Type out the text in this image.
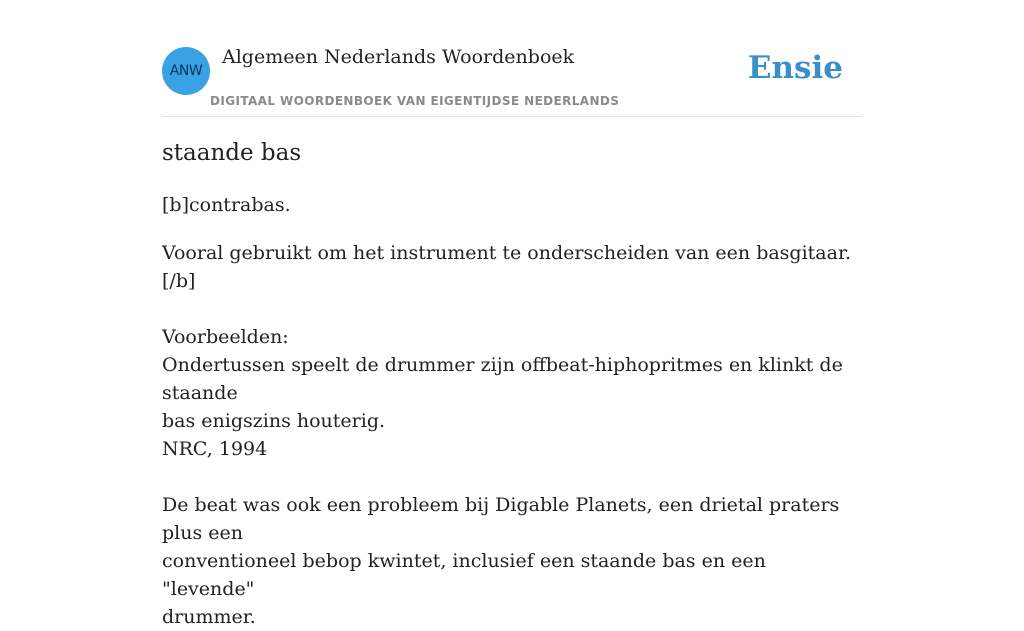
ANW
Algemeen Nederlands Woordenboek
DIGITAAL WOORDENBOEK VAN EIGENTIJDSE NEDERLANDS
Ensie
staande bas

[b]contrabas.

Vooral gebruikt om het instrument te onderscheiden van een basgitaar.[/b]
Voorbeelden:
Ondertussen speelt de drummer zijn offbeat-hiphopritmes en klinkt de staande
bas enigszins houterig.
NRC, 1994
De beat was ook een probleem bij Digable Planets, een drietal praters plus een
conventioneel bebop kwintet, inclusief een staande bas en een "levende"
drummer.
